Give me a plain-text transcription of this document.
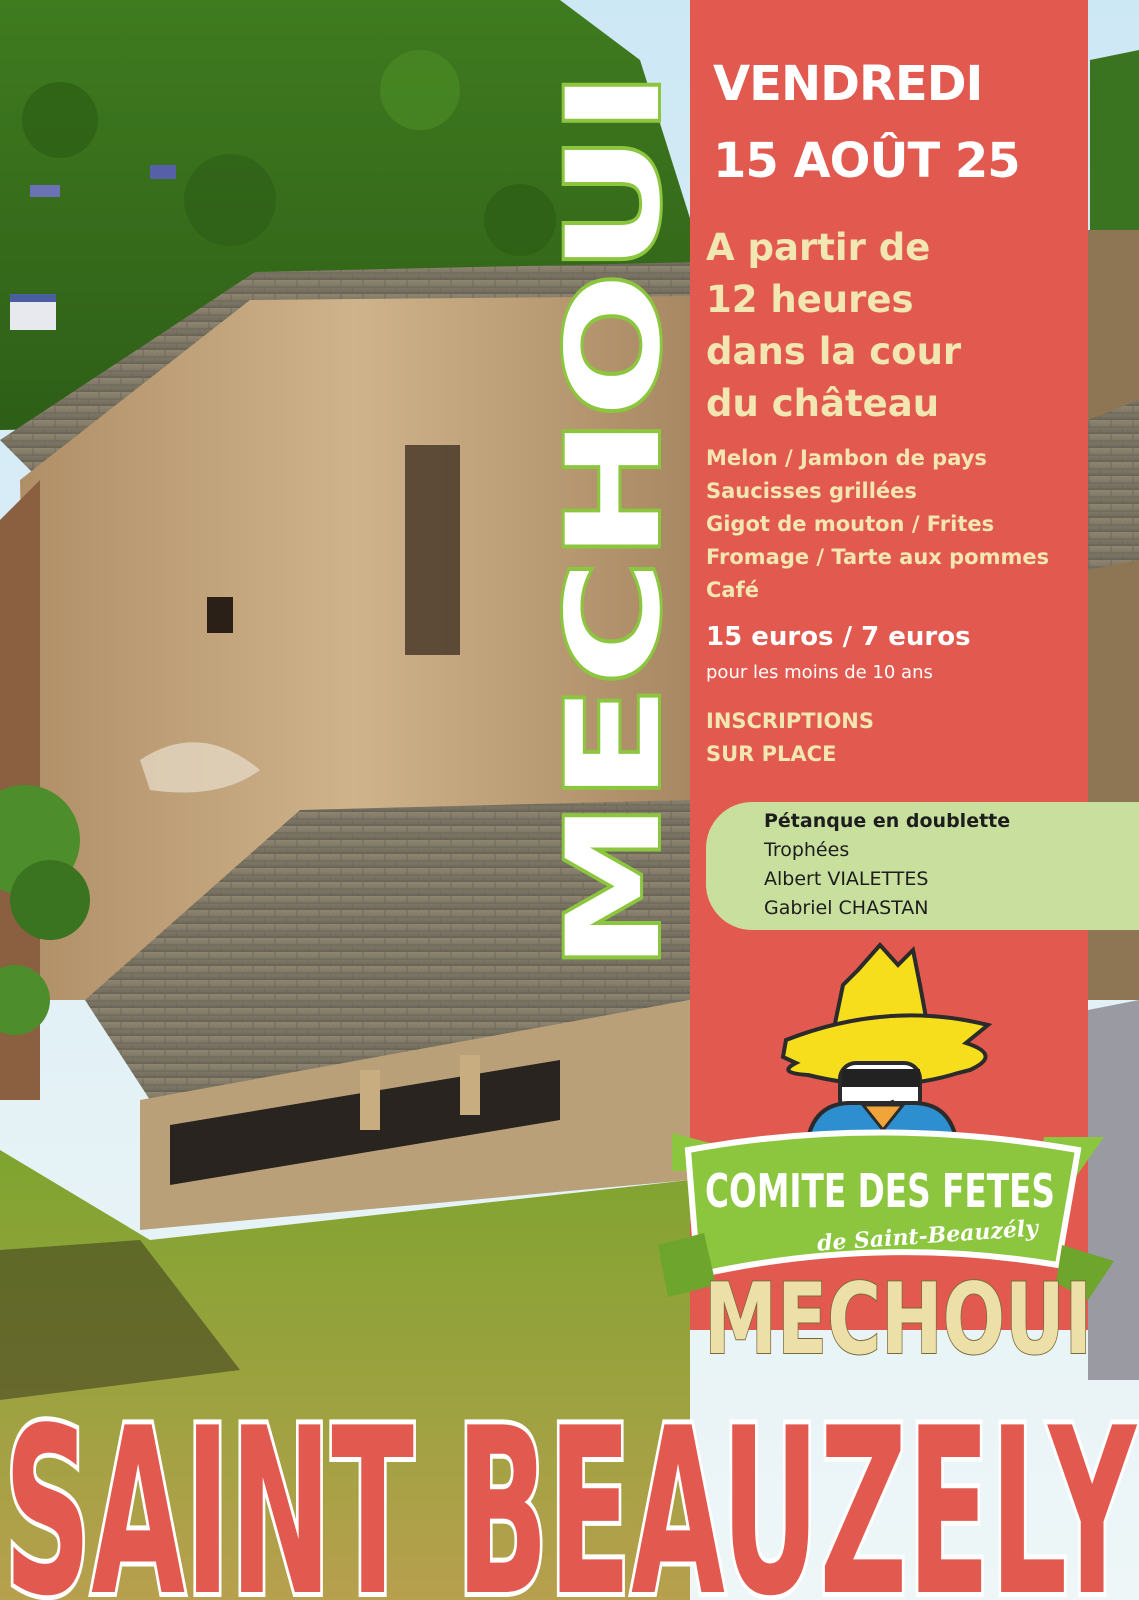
VENDREDI

15 AOÛT 25

A partir de

12 heures

dans la cour

du château

Melon / Jambon de pays
Saucisses grillées
Gigot de mouton / Frites
Fromage / Tarte aux pommes
Café

15 euros / 7 euros

pour les moins de 10 ans

INSCRIPTIONS
SUR PLACE

Pétanque en doublette

Trophées

Albert VIALETTES

Gabriel CHASTAN

MECHOUI
COMITE DES FETES
de Saint-Beauzély
MECHOUI
SAINT BEAUZELY
